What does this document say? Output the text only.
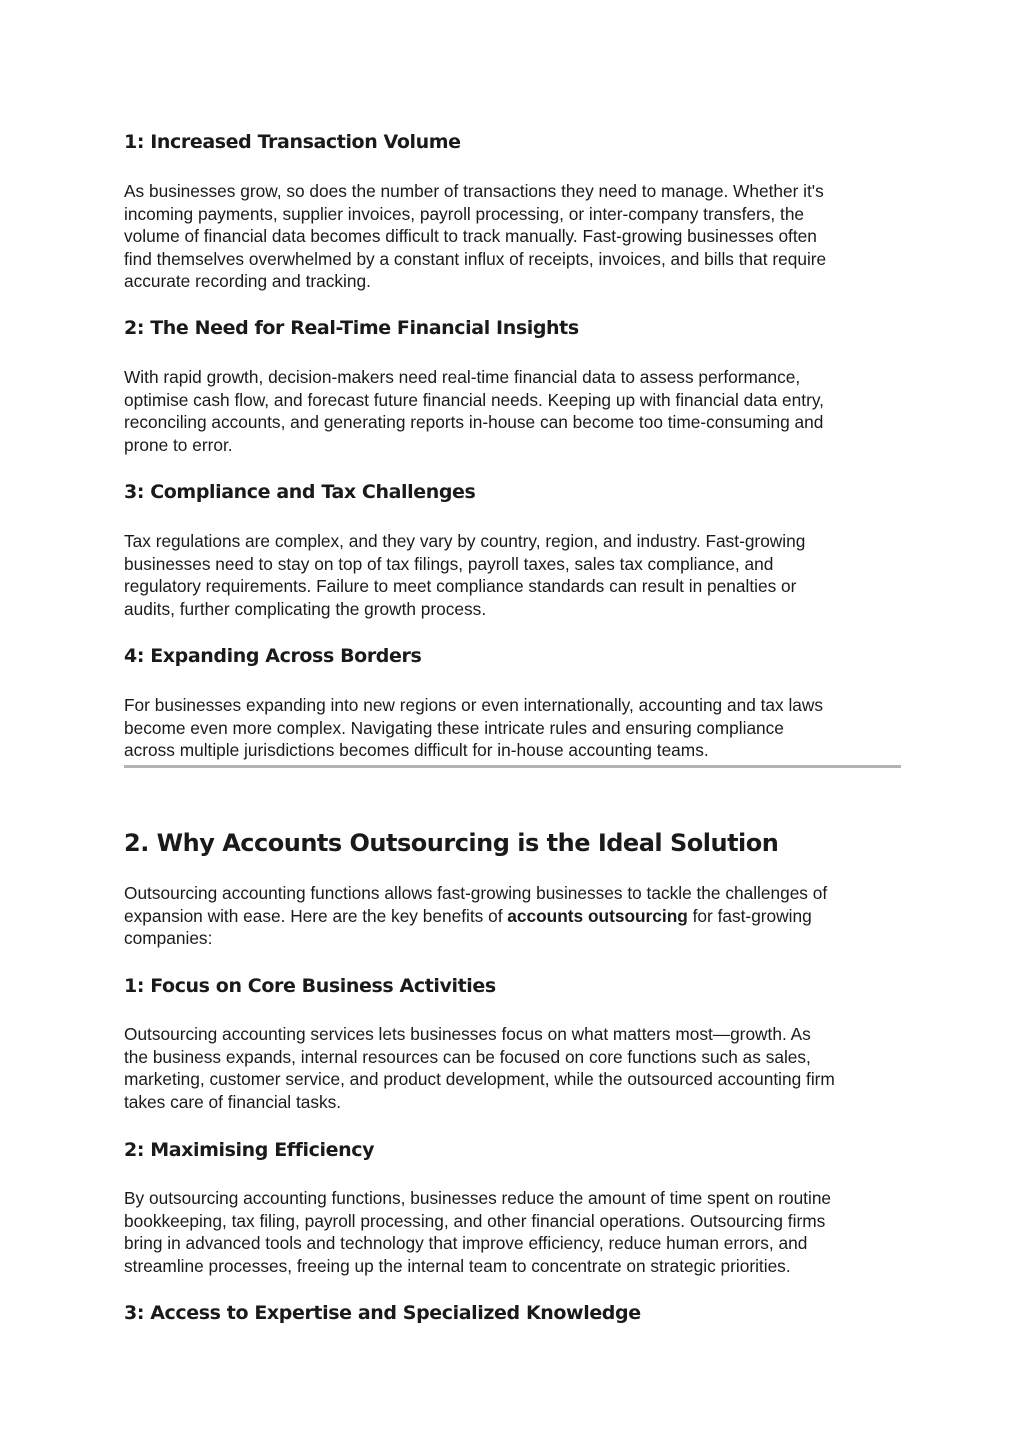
1: Increased Transaction Volume

As businesses grow, so does the number of transactions they need to manage. Whether it's
incoming payments, supplier invoices, payroll processing, or inter-company transfers, the
volume of financial data becomes difficult to track manually. Fast-growing businesses often
find themselves overwhelmed by a constant influx of receipts, invoices, and bills that require
accurate recording and tracking.

2: The Need for Real-Time Financial Insights

With rapid growth, decision-makers need real-time financial data to assess performance,
optimise cash flow, and forecast future financial needs. Keeping up with financial data entry,
reconciling accounts, and generating reports in-house can become too time-consuming and
prone to error.

3: Compliance and Tax Challenges

Tax regulations are complex, and they vary by country, region, and industry. Fast-growing
businesses need to stay on top of tax filings, payroll taxes, sales tax compliance, and
regulatory requirements. Failure to meet compliance standards can result in penalties or
audits, further complicating the growth process.

4: Expanding Across Borders

For businesses expanding into new regions or even internationally, accounting and tax laws
become even more complex. Navigating these intricate rules and ensuring compliance
across multiple jurisdictions becomes difficult for in-house accounting teams.

2. Why Accounts Outsourcing is the Ideal Solution

Outsourcing accounting functions allows fast-growing businesses to tackle the challenges of
expansion with ease. Here are the key benefits of accounts outsourcing for fast-growing
companies:

1: Focus on Core Business Activities

Outsourcing accounting services lets businesses focus on what matters most—growth. As
the business expands, internal resources can be focused on core functions such as sales,
marketing, customer service, and product development, while the outsourced accounting firm
takes care of financial tasks.

2: Maximising Efficiency

By outsourcing accounting functions, businesses reduce the amount of time spent on routine
bookkeeping, tax filing, payroll processing, and other financial operations. Outsourcing firms
bring in advanced tools and technology that improve efficiency, reduce human errors, and
streamline processes, freeing up the internal team to concentrate on strategic priorities.

3: Access to Expertise and Specialized Knowledge
